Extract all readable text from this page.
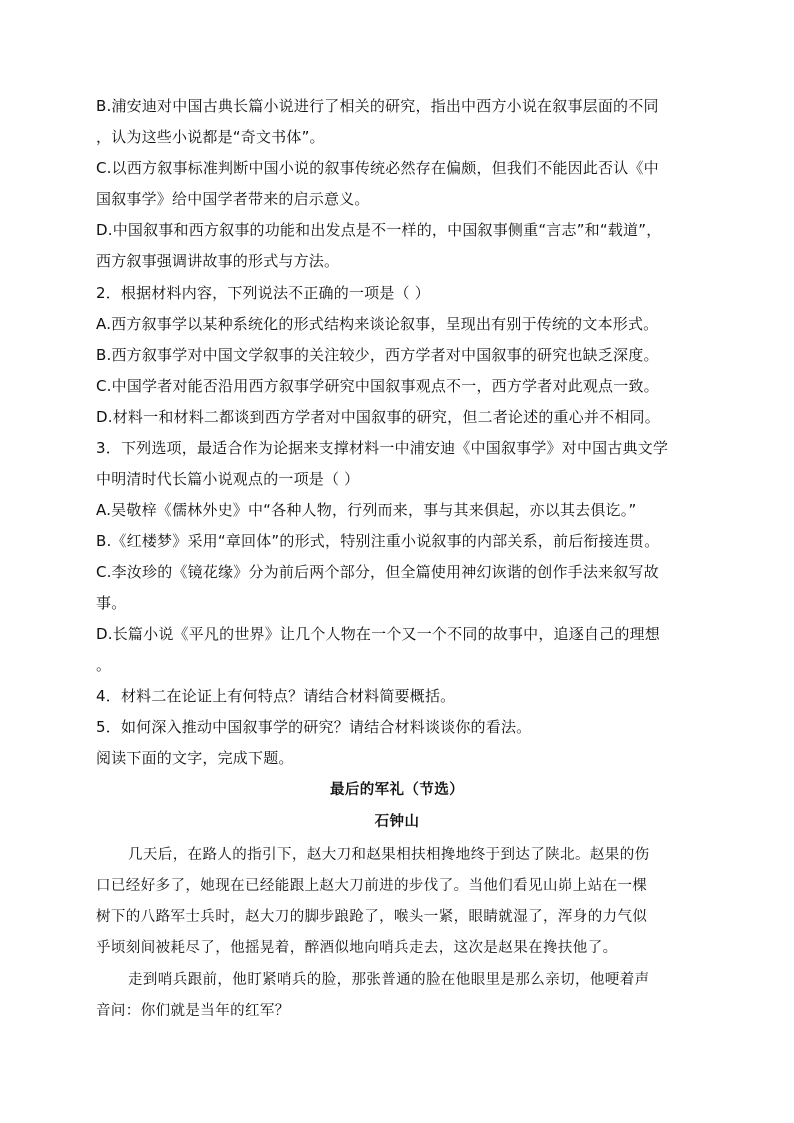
B.浦安迪对中国古典长篇小说进行了相关的研究，指出中西方小说在叙事层面的不同
，认为这些小说都是“奇文书体”。
C.以西方叙事标准判断中国小说的叙事传统必然存在偏颇，但我们不能因此否认《中
国叙事学》给中国学者带来的启示意义。
D.中国叙事和西方叙事的功能和出发点是不一样的，中国叙事侧重“言志”和“载道”，
西方叙事强调讲故事的形式与方法。
2．根据材料内容，下列说法不正确的一项是（ ）
A.西方叙事学以某种系统化的形式结构来谈论叙事，呈现出有别于传统的文本形式。
B.西方叙事学对中国文学叙事的关注较少，西方学者对中国叙事的研究也缺乏深度。
C.中国学者对能否沿用西方叙事学研究中国叙事观点不一，西方学者对此观点一致。
D.材料一和材料二都谈到西方学者对中国叙事的研究，但二者论述的重心并不相同。
3．下列选项，最适合作为论据来支撑材料一中浦安迪《中国叙事学》对中国古典文学
中明清时代长篇小说观点的一项是（ ）
A.吴敬梓《儒林外史》中“各种人物，行列而来，事与其来俱起，亦以其去俱讫。”
B.《红楼梦》采用“章回体”的形式，特别注重小说叙事的内部关系，前后衔接连贯。
C.李汝珍的《镜花缘》分为前后两个部分，但全篇使用神幻诙谐的创作手法来叙写故
事。
D.长篇小说《平凡的世界》让几个人物在一个又一个不同的故事中，追逐自己的理想
。
4．材料二在论证上有何特点？请结合材料简要概括。
5．如何深入推动中国叙事学的研究？请结合材料谈谈你的看法。
阅读下面的文字，完成下题。
最后的军礼（节选）
石钟山
几天后，在路人的指引下，赵大刀和赵果相扶相搀地终于到达了陕北。赵果的伤
口已经好多了，她现在已经能跟上赵大刀前进的步伐了。当他们看见山峁上站在一棵
树下的八路军士兵时，赵大刀的脚步踉跄了，喉头一紧，眼睛就湿了，浑身的力气似
乎顷刻间被耗尽了，他摇晃着，醉酒似地向哨兵走去，这次是赵果在搀扶他了。
走到哨兵跟前，他盯紧哨兵的脸，那张普通的脸在他眼里是那么亲切，他哽着声
音问：你们就是当年的红军？
